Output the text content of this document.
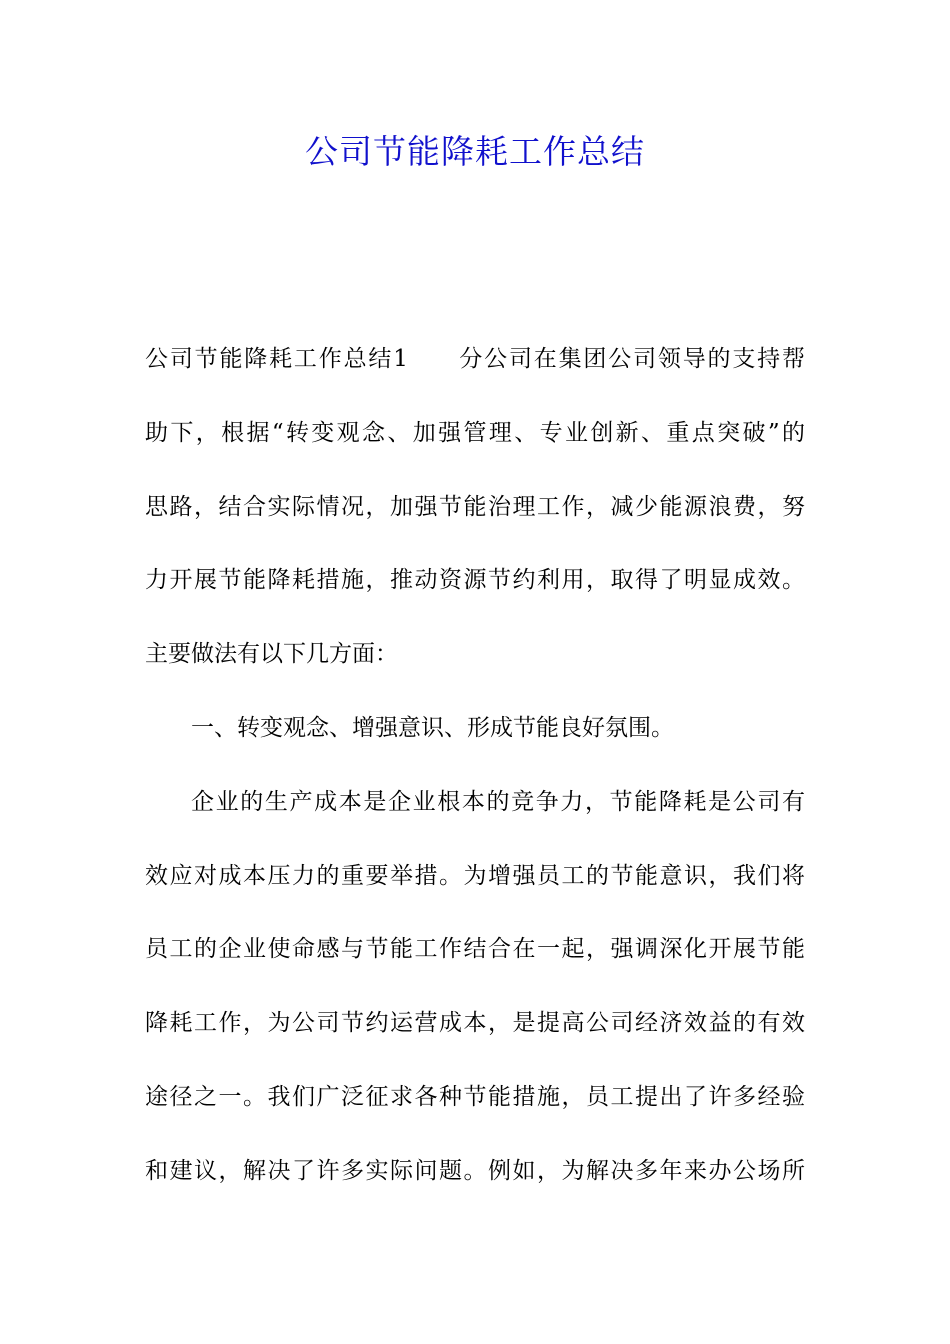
公司节能降耗工作总结
公司节能降耗工作总结1　　分公司在集团公司领导的支持帮
助下，根据“转变观念、加强管理、专业创新、重点突破”的
思路，结合实际情况，加强节能治理工作，减少能源浪费，努
力开展节能降耗措施，推动资源节约利用，取得了明显成效。
主要做法有以下几方面：
一、转变观念、增强意识、形成节能良好氛围。
企业的生产成本是企业根本的竞争力，节能降耗是公司有
效应对成本压力的重要举措。为增强员工的节能意识，我们将
员工的企业使命感与节能工作结合在一起，强调深化开展节能
降耗工作，为公司节约运营成本，是提高公司经济效益的有效
途径之一。我们广泛征求各种节能措施，员工提出了许多经验
和建议，解决了许多实际问题。例如，为解决多年来办公场所
